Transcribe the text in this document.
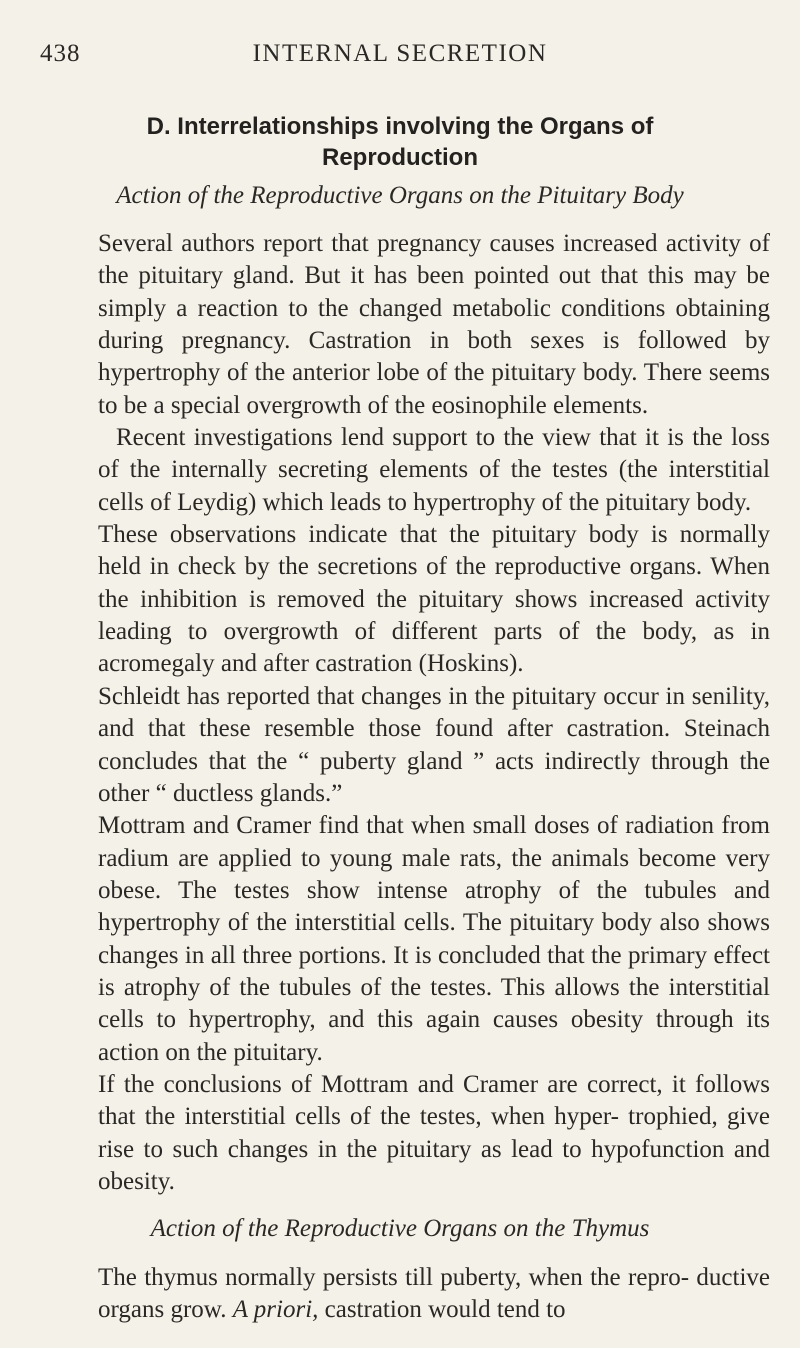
438	INTERNAL SECRETION
D. Interrelationships involving the Organs of
Reproduction
Action of the Reproductive Organs on the Pituitary Body

Several authors report that pregnancy causes increased activity of the pituitary gland. But it has been pointed out that this may be simply a reaction to the changed metabolic conditions obtaining during pregnancy. Castration in both sexes is followed by hypertrophy of the anterior lobe of the pituitary body. There seems to be a special overgrowth of the eosinophile elements.

Recent investigations lend support to the view that it is the loss of the internally secreting elements of the testes (the interstitial cells of Leydig) which leads to hypertrophy of the pituitary body.

These observations indicate that the pituitary body is normally held in check by the secretions of the reproductive organs. When the inhibition is removed the pituitary shows increased activity leading to overgrowth of different parts of the body, as in acromegaly and after castration (Hoskins).

Schleidt has reported that changes in the pituitary occur in senility, and that these resemble those found after castration. Steinach concludes that the “ puberty gland ” acts indirectly through the other “ ductless glands.”

Mottram and Cramer find that when small doses of radiation from radium are applied to young male rats, the animals become very obese. The testes show intense atrophy of the tubules and hypertrophy of the interstitial cells. The pituitary body also shows changes in all three portions. It is concluded that the primary effect is atrophy of the tubules of the testes. This allows the interstitial cells to hypertrophy, and this again causes obesity through its action on the pituitary.

If the conclusions of Mottram and Cramer are correct, it follows that the interstitial cells of the testes, when hyper- trophied, give rise to such changes in the pituitary as lead to hypofunction and obesity.

Action of the Reproductive Organs on the Thymus

The thymus normally persists till puberty, when the repro- ductive organs grow. A priori, castration would tend to
